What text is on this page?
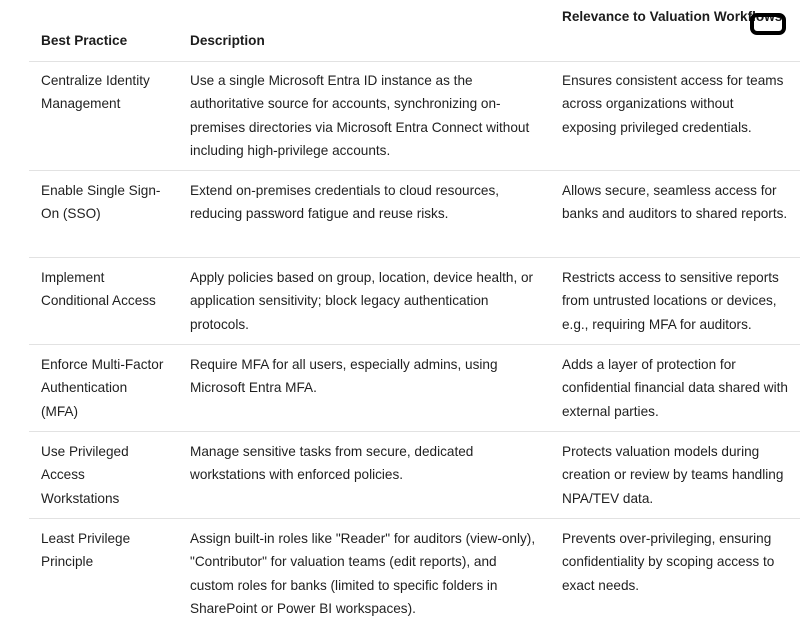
Best Practice	Description
Relevance to Valuation Workflows
Centralize Identity Management
Use a single Microsoft Entra ID instance as the authoritative source for accounts, synchronizing on-premises directories via Microsoft Entra Connect without including high-privilege accounts.
Ensures consistent access for teams across organizations without exposing privileged credentials.
Enable Single Sign-On (SSO)
Extend on-premises credentials to cloud resources, reducing password fatigue and reuse risks.
Allows secure, seamless access for banks and auditors to shared reports.
Implement Conditional Access
Apply policies based on group, location, device health, or application sensitivity; block legacy authentication protocols.
Restricts access to sensitive reports from untrusted locations or devices, e.g., requiring MFA for auditors.
Enforce Multi-Factor Authentication (MFA)
Require MFA for all users, especially admins, using Microsoft Entra MFA.
Adds a layer of protection for confidential financial data shared with external parties.
Use Privileged Access Workstations
Manage sensitive tasks from secure, dedicated workstations with enforced policies.
Protects valuation models during creation or review by teams handling NPA/TEV data.
Least Privilege Principle
Assign built-in roles like "Reader" for auditors (view-only), "Contributor" for valuation teams (edit reports), and custom roles for banks (limited to specific folders in SharePoint or Power BI workspaces).
Prevents over-privileging, ensuring confidentiality by scoping access to exact needs.
